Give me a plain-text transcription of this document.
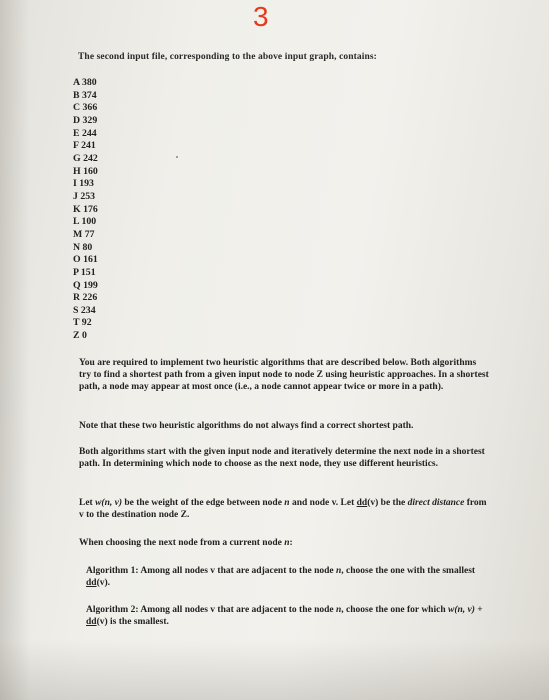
3
The second input file, corresponding to the above input graph, contains:
A 380
B 374
C 366
D 329
E 244
F 241
G 242
H 160
I 193
J 253
K 176
L 100
M 77
N 80
O 161
P 151
Q 199
R 226
S 234
T 92
Z 0

You are required to implement two heuristic algorithms that are described below. Both algorithms try to find a shortest path from a given input node to node Z using heuristic approaches. In a shortest path, a node may appear at most once (i.e., a node cannot appear twice or more in a path).

Note that these two heuristic algorithms do not always find a correct shortest path.

Both algorithms start with the given input node and iteratively determine the next node in a shortest path. In determining which node to choose as the next node, they use different heuristics.

Let w(n, v) be the weight of the edge between node n and node v. Let dd(v) be the direct distance from v to the destination node Z.

When choosing the next node from a current node n:

Algorithm 1: Among all nodes v that are adjacent to the node n, choose the one with the smallest dd(v).

Algorithm 2: Among all nodes v that are adjacent to the node n, choose the one for which w(n, v) + dd(v) is the smallest.
